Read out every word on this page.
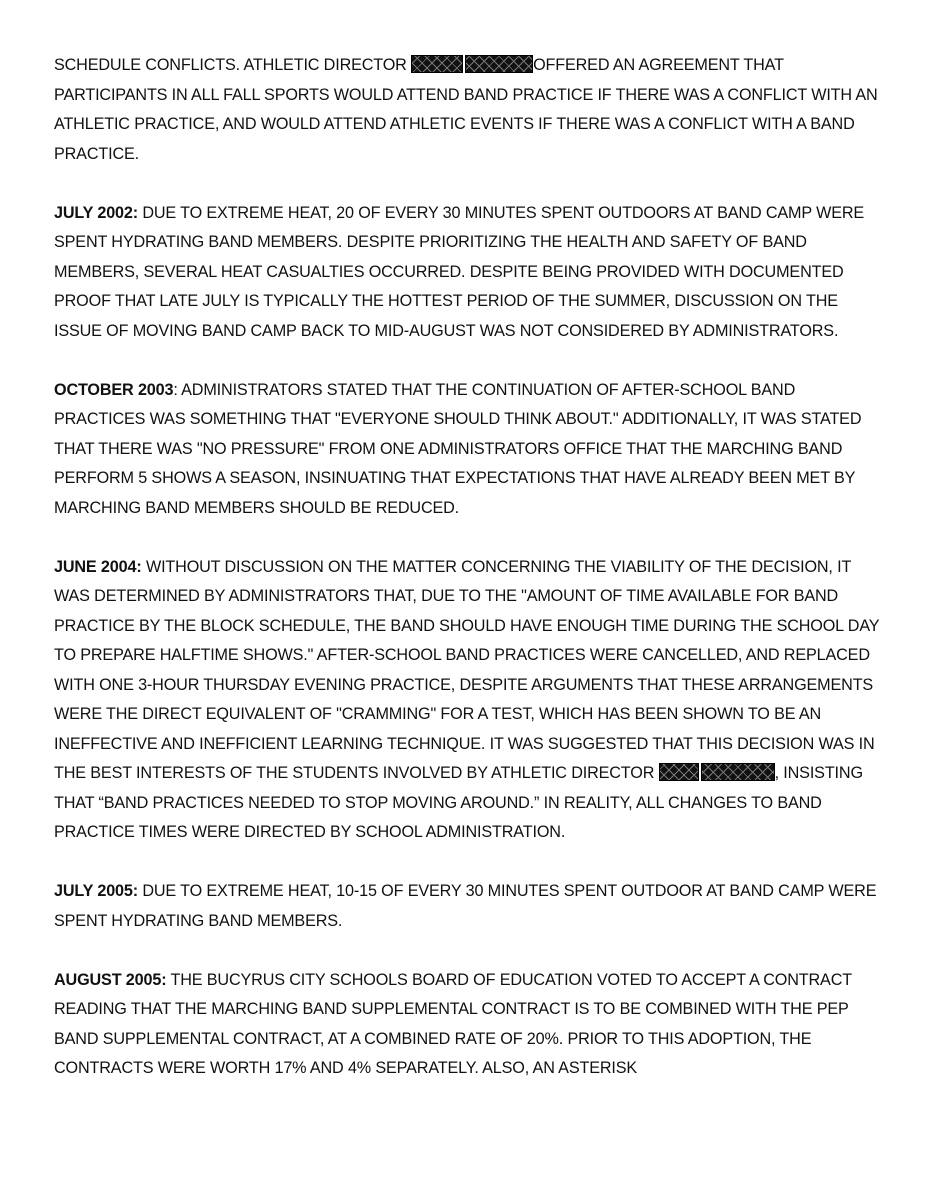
SCHEDULE CONFLICTS. ATHLETIC DIRECTOR	OFFERED AN AGREEMENT THAT PARTICIPANTS IN ALL FALL SPORTS WOULD ATTEND BAND PRACTICE IF THERE WAS A CONFLICT WITH AN ATHLETIC PRACTICE, AND WOULD ATTEND ATHLETIC EVENTS IF THERE WAS A CONFLICT WITH A BAND PRACTICE.

JULY 2002: DUE TO EXTREME HEAT, 20 OF EVERY 30 MINUTES SPENT OUTDOORS AT BAND CAMP WERE SPENT HYDRATING BAND MEMBERS. DESPITE PRIORITIZING THE HEALTH AND SAFETY OF BAND MEMBERS, SEVERAL HEAT CASUALTIES OCCURRED. DESPITE BEING PROVIDED WITH DOCUMENTED PROOF THAT LATE JULY IS TYPICALLY THE HOTTEST PERIOD OF THE SUMMER, DISCUSSION ON THE ISSUE OF MOVING BAND CAMP BACK TO MID-AUGUST WAS NOT CONSIDERED BY ADMINISTRATORS.

OCTOBER 2003: ADMINISTRATORS STATED THAT THE CONTINUATION OF AFTER-SCHOOL BAND PRACTICES WAS SOMETHING THAT "EVERYONE SHOULD THINK ABOUT." ADDITIONALLY, IT WAS STATED THAT THERE WAS "NO PRESSURE" FROM ONE ADMINISTRATORS OFFICE THAT THE MARCHING BAND PERFORM 5 SHOWS A SEASON, INSINUATING THAT EXPECTATIONS THAT HAVE ALREADY BEEN MET BY MARCHING BAND MEMBERS SHOULD BE REDUCED.

JUNE 2004: WITHOUT DISCUSSION ON THE MATTER CONCERNING THE VIABILITY OF THE DECISION, IT WAS DETERMINED BY ADMINISTRATORS THAT, DUE TO THE "AMOUNT OF TIME AVAILABLE FOR BAND PRACTICE BY THE BLOCK SCHEDULE, THE BAND SHOULD HAVE ENOUGH TIME DURING THE SCHOOL DAY TO PREPARE HALFTIME SHOWS." AFTER-SCHOOL BAND PRACTICES WERE CANCELLED, AND REPLACED WITH ONE 3-HOUR THURSDAY EVENING PRACTICE, DESPITE ARGUMENTS THAT THESE ARRANGEMENTS WERE THE DIRECT EQUIVALENT OF "CRAMMING" FOR A TEST, WHICH HAS BEEN SHOWN TO BE AN INEFFECTIVE AND INEFFICIENT LEARNING TECHNIQUE. IT WAS SUGGESTED THAT THIS DECISION WAS IN THE BEST INTERESTS OF THE STUDENTS INVOLVED BY ATHLETIC DIRECTOR	, INSISTING THAT “BAND PRACTICES NEEDED TO STOP MOVING AROUND.” IN REALITY, ALL CHANGES TO BAND PRACTICE TIMES WERE DIRECTED BY SCHOOL ADMINISTRATION.

JULY 2005: DUE TO EXTREME HEAT, 10-15 OF EVERY 30 MINUTES SPENT OUTDOOR AT BAND CAMP WERE SPENT HYDRATING BAND MEMBERS.

AUGUST 2005: THE BUCYRUS CITY SCHOOLS BOARD OF EDUCATION VOTED TO ACCEPT A CONTRACT READING THAT THE MARCHING BAND SUPPLEMENTAL CONTRACT IS TO BE COMBINED WITH THE PEP BAND SUPPLEMENTAL CONTRACT, AT A COMBINED RATE OF 20%. PRIOR TO THIS ADOPTION, THE CONTRACTS WERE WORTH 17% AND 4% SEPARATELY. ALSO, AN ASTERISK
